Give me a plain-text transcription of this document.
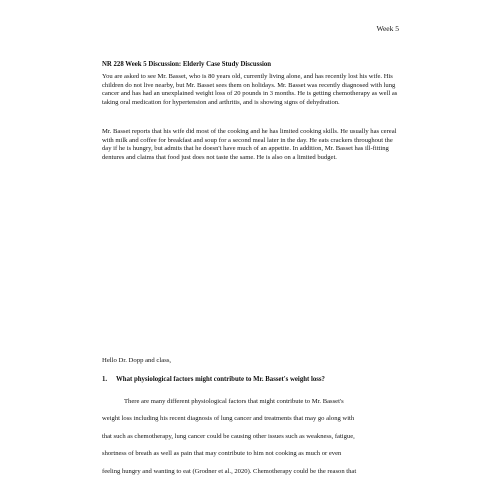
Week 5
NR 228 Week 5 Discussion: Elderly Case Study Discussion

You are asked to see Mr. Basset, who is 80 years old, currently living alone, and has recently lost his wife. His children do not live nearby, but Mr. Basset sees them on holidays. Mr. Basset was recently diagnosed with lung cancer and has had an unexplained weight loss of 20 pounds in 3 months. He is getting chemotherapy as well as taking oral medication for hypertension and arthritis, and is showing signs of dehydration.

Mr. Basset reports that his wife did most of the cooking and he has limited cooking skills. He usually has cereal with milk and coffee for breakfast and soup for a second meal later in the day. He eats crackers throughout the day if he is hungry, but admits that he doesn't have much of an appetite. In addition, Mr. Basset has ill-fitting dentures and claims that food just does not taste the same. He is also on a limited budget.

Hello Dr. Dopp and class,
1. What physiological factors might contribute to Mr. Basset's weight loss?

There are many different physiological factors that might contribute to Mr. Basset's
weight loss including his recent diagnosis of lung cancer and treatments that may go along with
that such as chemotherapy, lung cancer could be causing other issues such as weakness, fatigue,
shortness of breath as well as pain that may contribute to him not cooking as much or even
feeling hungry and wanting to eat (Grodner et al., 2020). Chemotherapy could be the reason that
